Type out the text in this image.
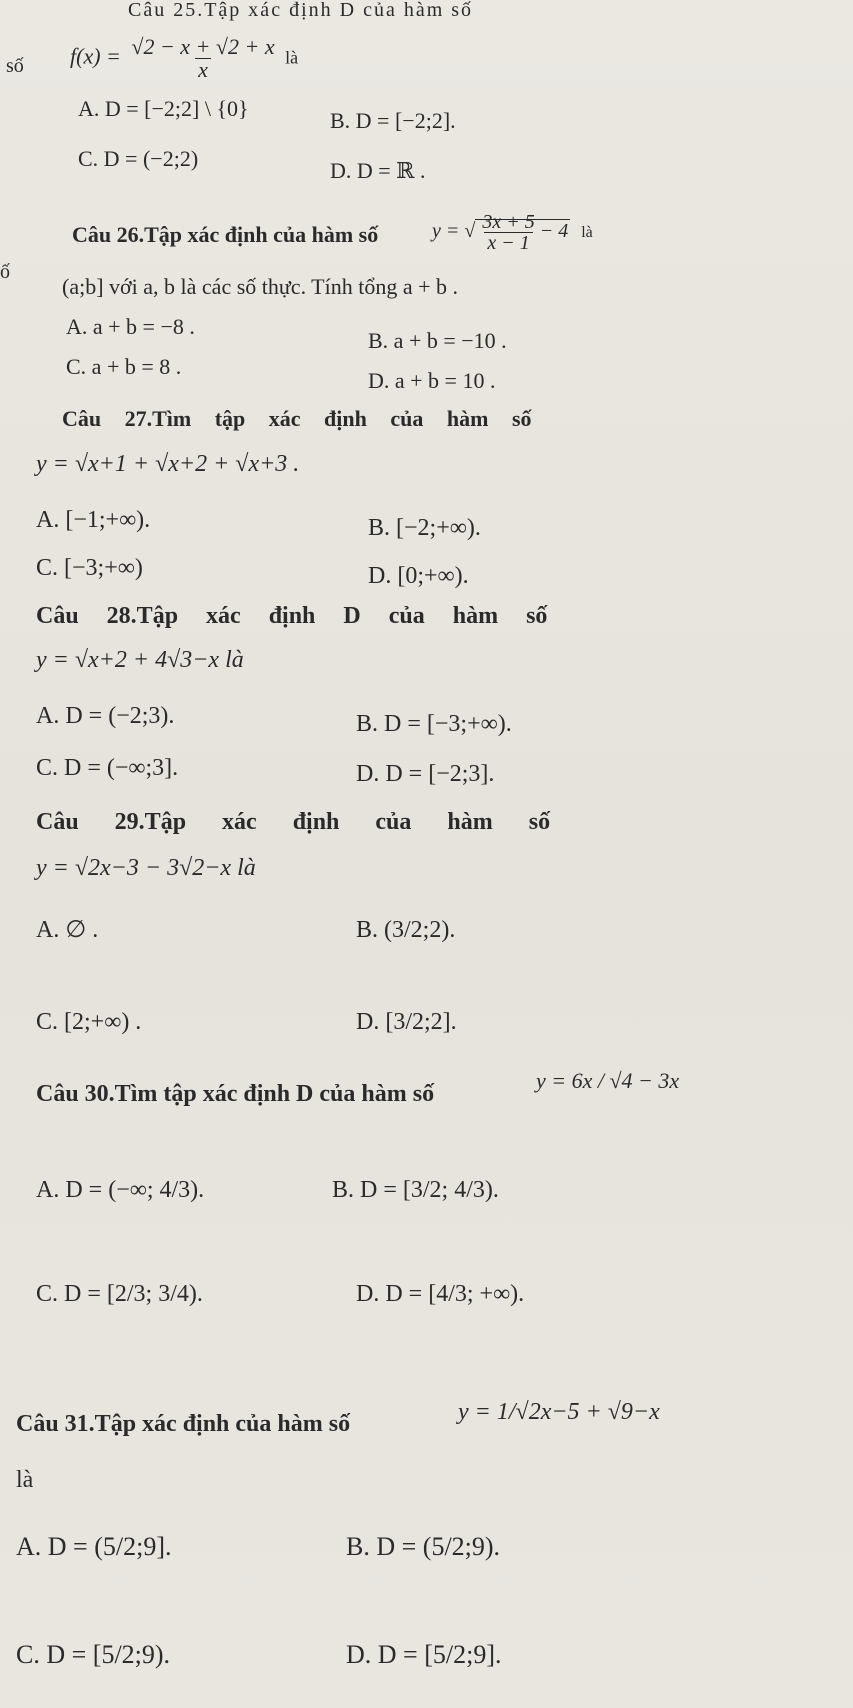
Câu 25.Tập xác định D của hàm số
số $f(x) = \frac{√2 - x + √2 + x}{x}$ là
A. D = [−2;2] \ {0}	B. D = [−2;2].
C. D = (−2;2)	D. D = ℝ .
Câu 26.Tập xác định của hàm số	y = √ $\frac{3x + 5}{x - 1} - 4$ là
ố
(a;b] với a, b là các số thực. Tính tổng a + b .
A. a + b = −8 .
B. a + b = −10 .
C. a + b = 8 .
D. a + b = 10 .
Câu 27.Tìm tập xác định của hàm số
y = √x+1 + √x+2 + √x+3 .
A. [−1;+∞).	B. [−2;+∞).
C. [−3;+∞)	D. [0;+∞).
Câu 28.Tập xác định D của hàm số
y = √x+2 + 4√3−x là
A. D = (−2;3).	B. D = [−3;+∞).
C. D = (−∞;3].	D. D = [−2;3].
Câu 29.Tập xác định của hàm số
y = √2x−3 − 3√2−x là
A. ∅ .	B. (3/2;2).
C. [2;+∞) .	D. [3/2;2].
Câu 30.Tìm tập xác định D của hàm số
y = 6x / √4 − 3x
A. D = (−∞; 4/3).	B. D = [3/2; 4/3).
C. D = [2/3; 3/4).	D. D = [4/3; +∞).
Câu 31.Tập xác định của hàm số	y = 1/√2x−5 + √9−x
là
A. D = (5/2;9].	B. D = (5/2;9).
C. D = [5/2;9).	D. D = [5/2;9].
